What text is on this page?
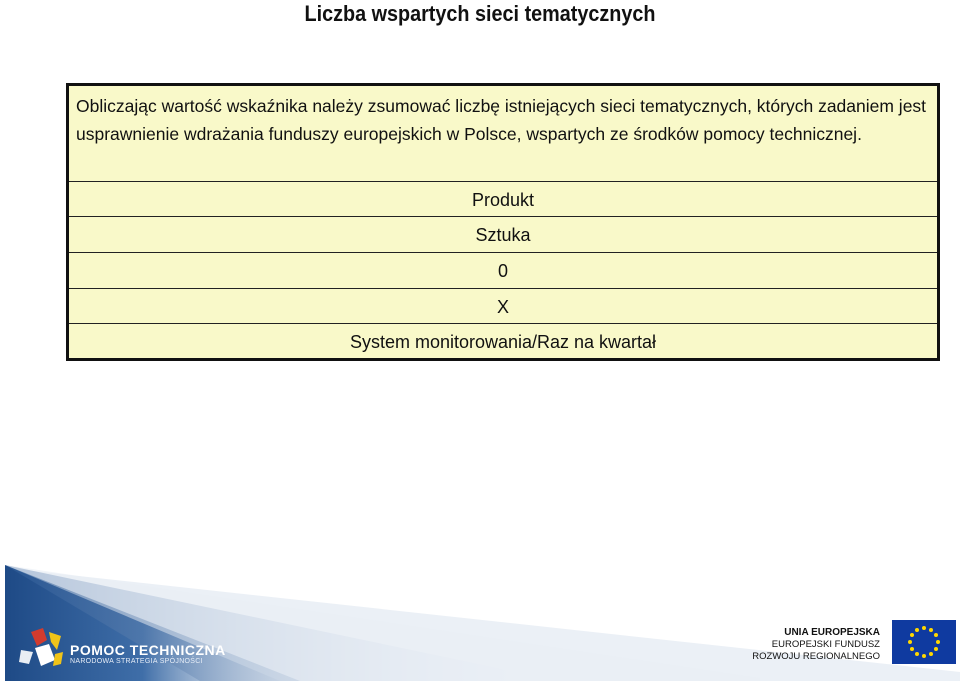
Liczba wspartych sieci tematycznych
Obliczając wartość wskaźnika należy zsumować liczbę istniejących sieci tematycznych, których zadaniem jest usprawnienie wdrażania funduszy europejskich w Polsce, wspartych ze środków pomocy technicznej.
Produkt
Sztuka
0
X
System monitorowania/Raz na kwartał
POMOC TECHNICZNA
NARODOWA STRATEGIA SPÓJNOŚCI
UNIA EUROPEJSKA
EUROPEJSKI FUNDUSZ
ROZWOJU REGIONALNEGO
